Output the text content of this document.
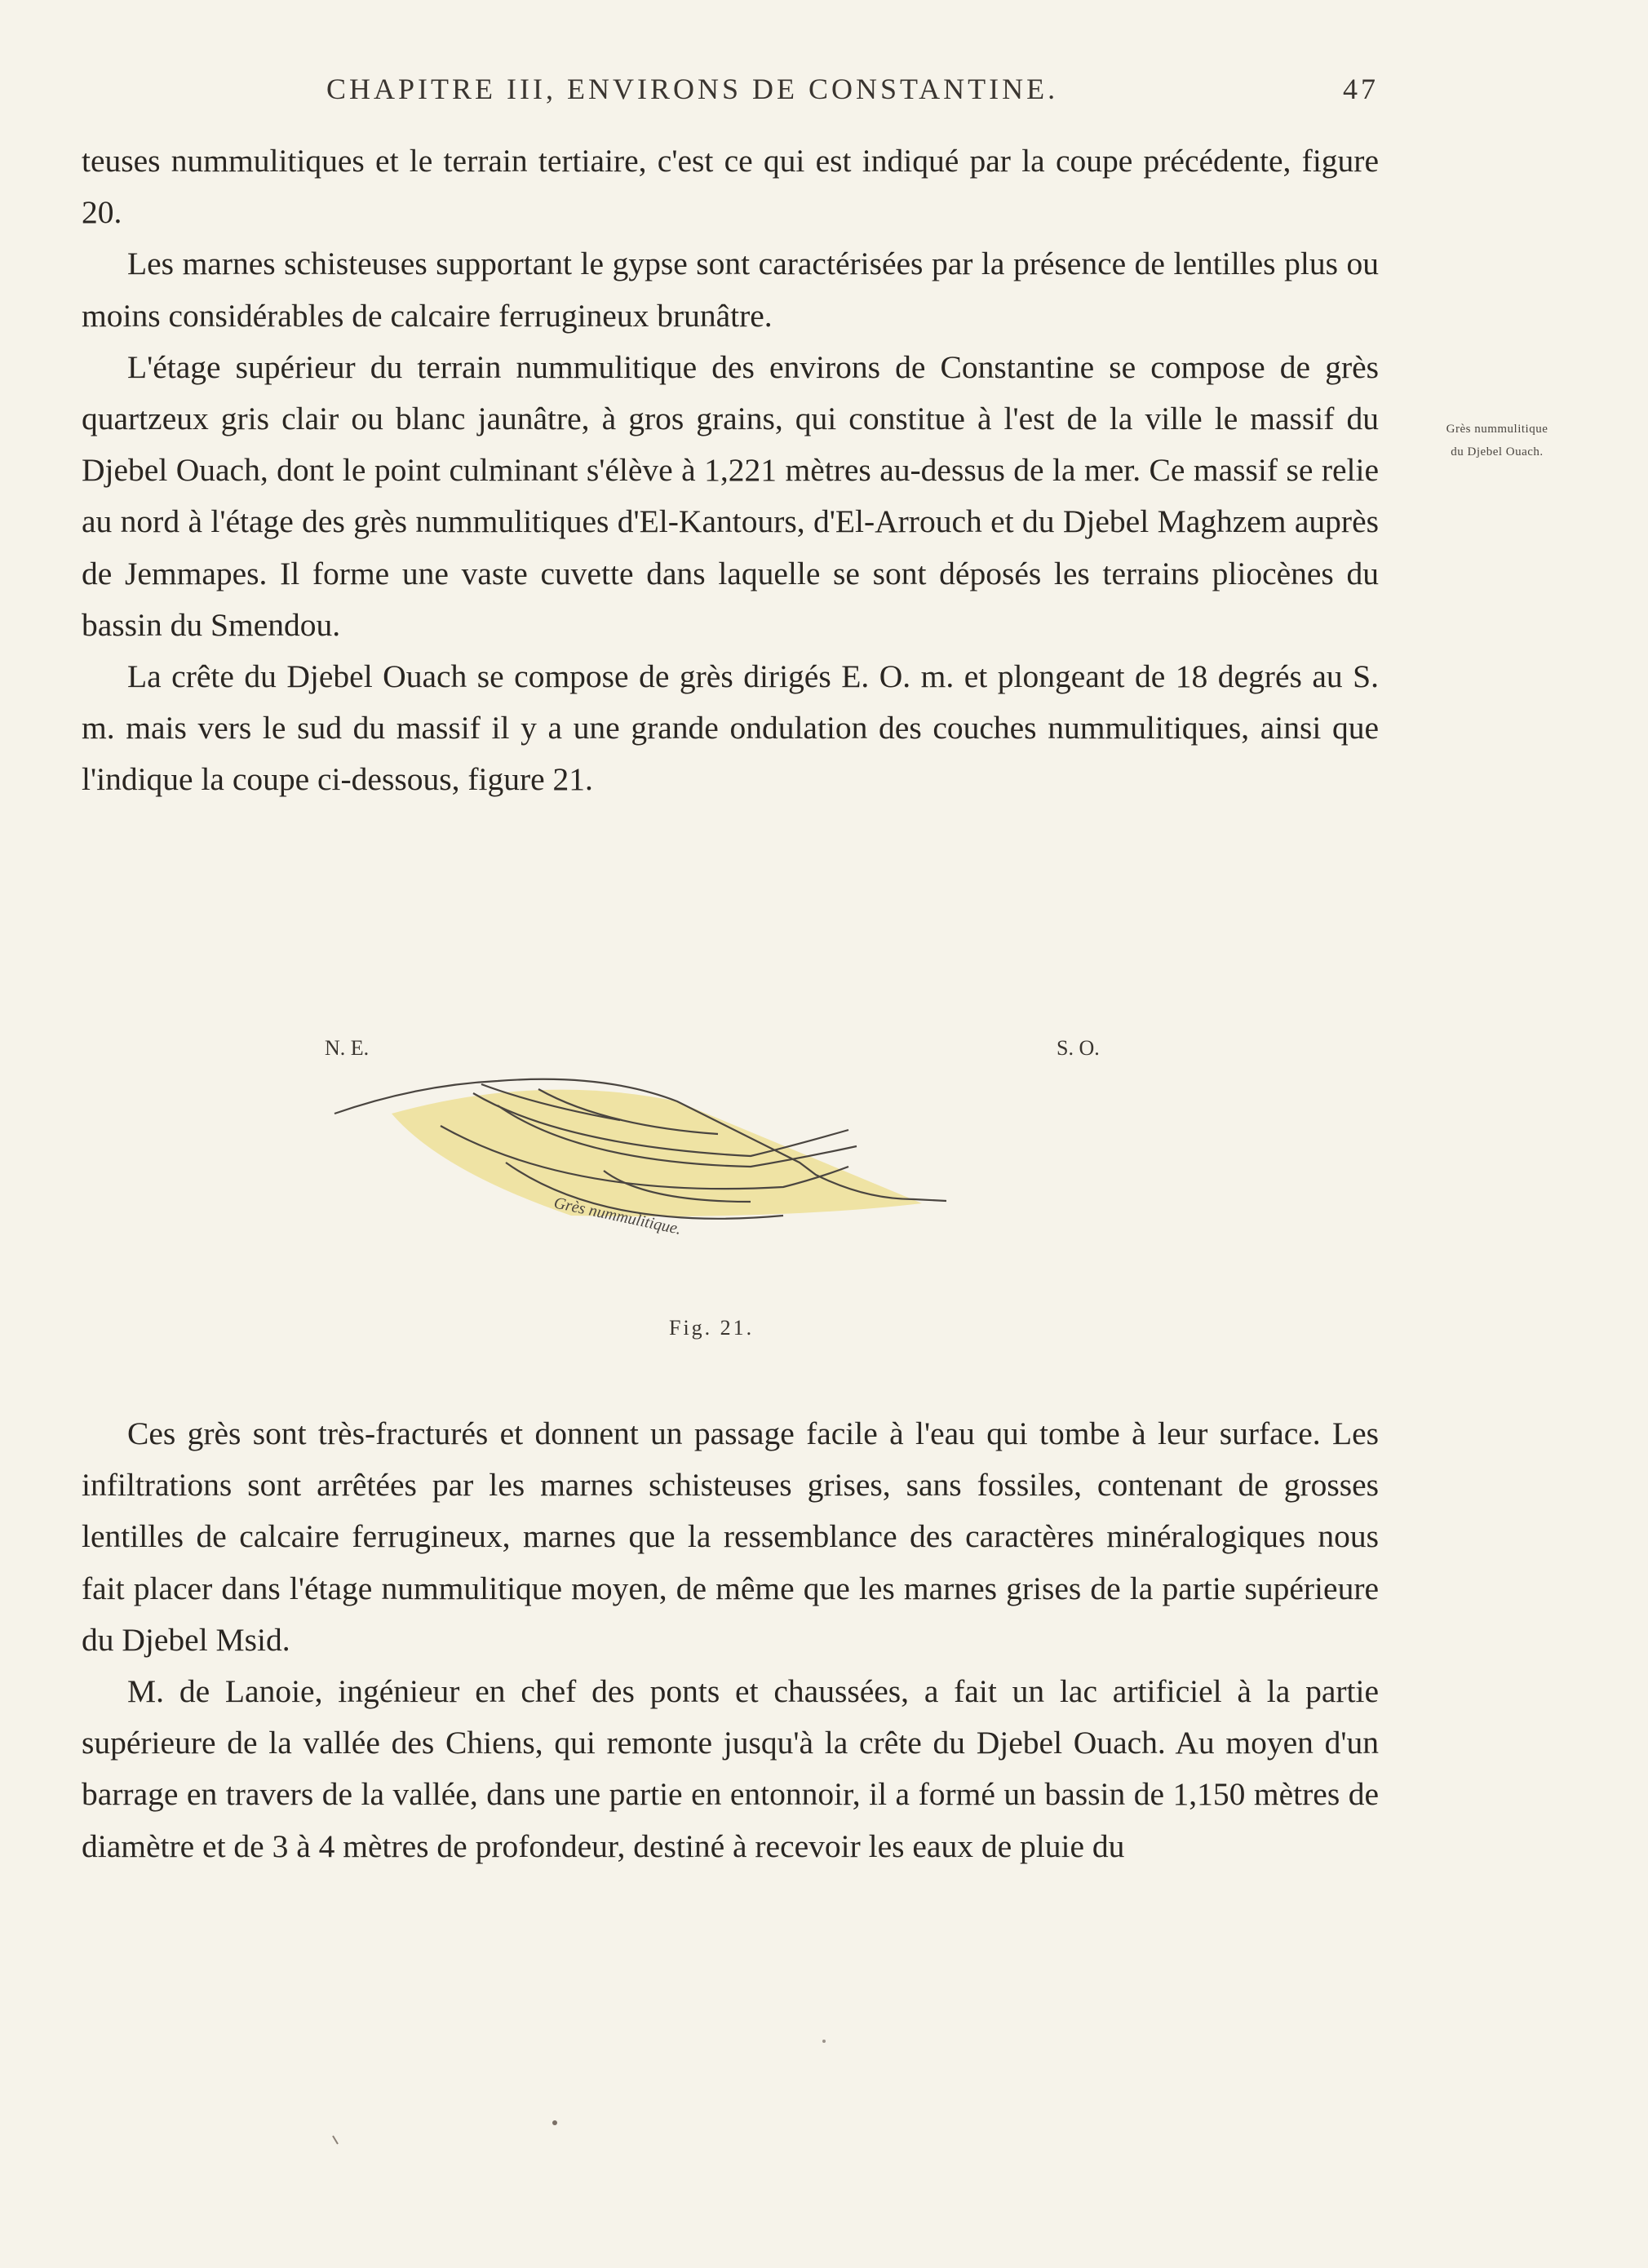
CHAPITRE III, ENVIRONS DE CONSTANTINE.	47

teuses nummulitiques et le terrain tertiaire, c'est ce qui est indiqué par la coupe précédente, figure 20.

Les marnes schisteuses supportant le gypse sont caractérisées par la présence de lentilles plus ou moins considérables de calcaire ferrugineux brunâtre.

L'étage supérieur du terrain nummulitique des environs de Constantine se compose de grès quartzeux gris clair ou blanc jaunâtre, à gros grains, qui constitue à l'est de la ville le massif du Djebel Ouach, dont le point culminant s'élève à 1,221 mètres au-dessus de la mer. Ce massif se relie au nord à l'étage des grès nummulitiques d'El-Kantours, d'El-Arrouch et du Djebel Maghzem auprès de Jemmapes. Il forme une vaste cuvette dans laquelle se sont déposés les terrains pliocènes du bassin du Smendou.

La crête du Djebel Ouach se compose de grès dirigés E. O. m. et plongeant de 18 degrés au S. m. mais vers le sud du massif il y a une grande ondulation des couches nummulitiques, ainsi que l'indique la coupe ci-dessous, figure 21.

Grès nummulitique
du Djebel Ouach.
N. E.	S. O.
Grès nummulitique.
Fig. 21.

Ces grès sont très-fracturés et donnent un passage facile à l'eau qui tombe à leur surface. Les infiltrations sont arrêtées par les marnes schisteuses grises, sans fossiles, contenant de grosses lentilles de calcaire ferrugineux, marnes que la ressemblance des caractères minéralogiques nous fait placer dans l'étage nummulitique moyen, de même que les marnes grises de la partie supérieure du Djebel Msid.

M. de Lanoie, ingénieur en chef des ponts et chaussées, a fait un lac artificiel à la partie supérieure de la vallée des Chiens, qui remonte jusqu'à la crête du Djebel Ouach. Au moyen d'un barrage en travers de la vallée, dans une partie en entonnoir, il a formé un bassin de 1,150 mètres de diamètre et de 3 à 4 mètres de profondeur, destiné à recevoir les eaux de pluie du
